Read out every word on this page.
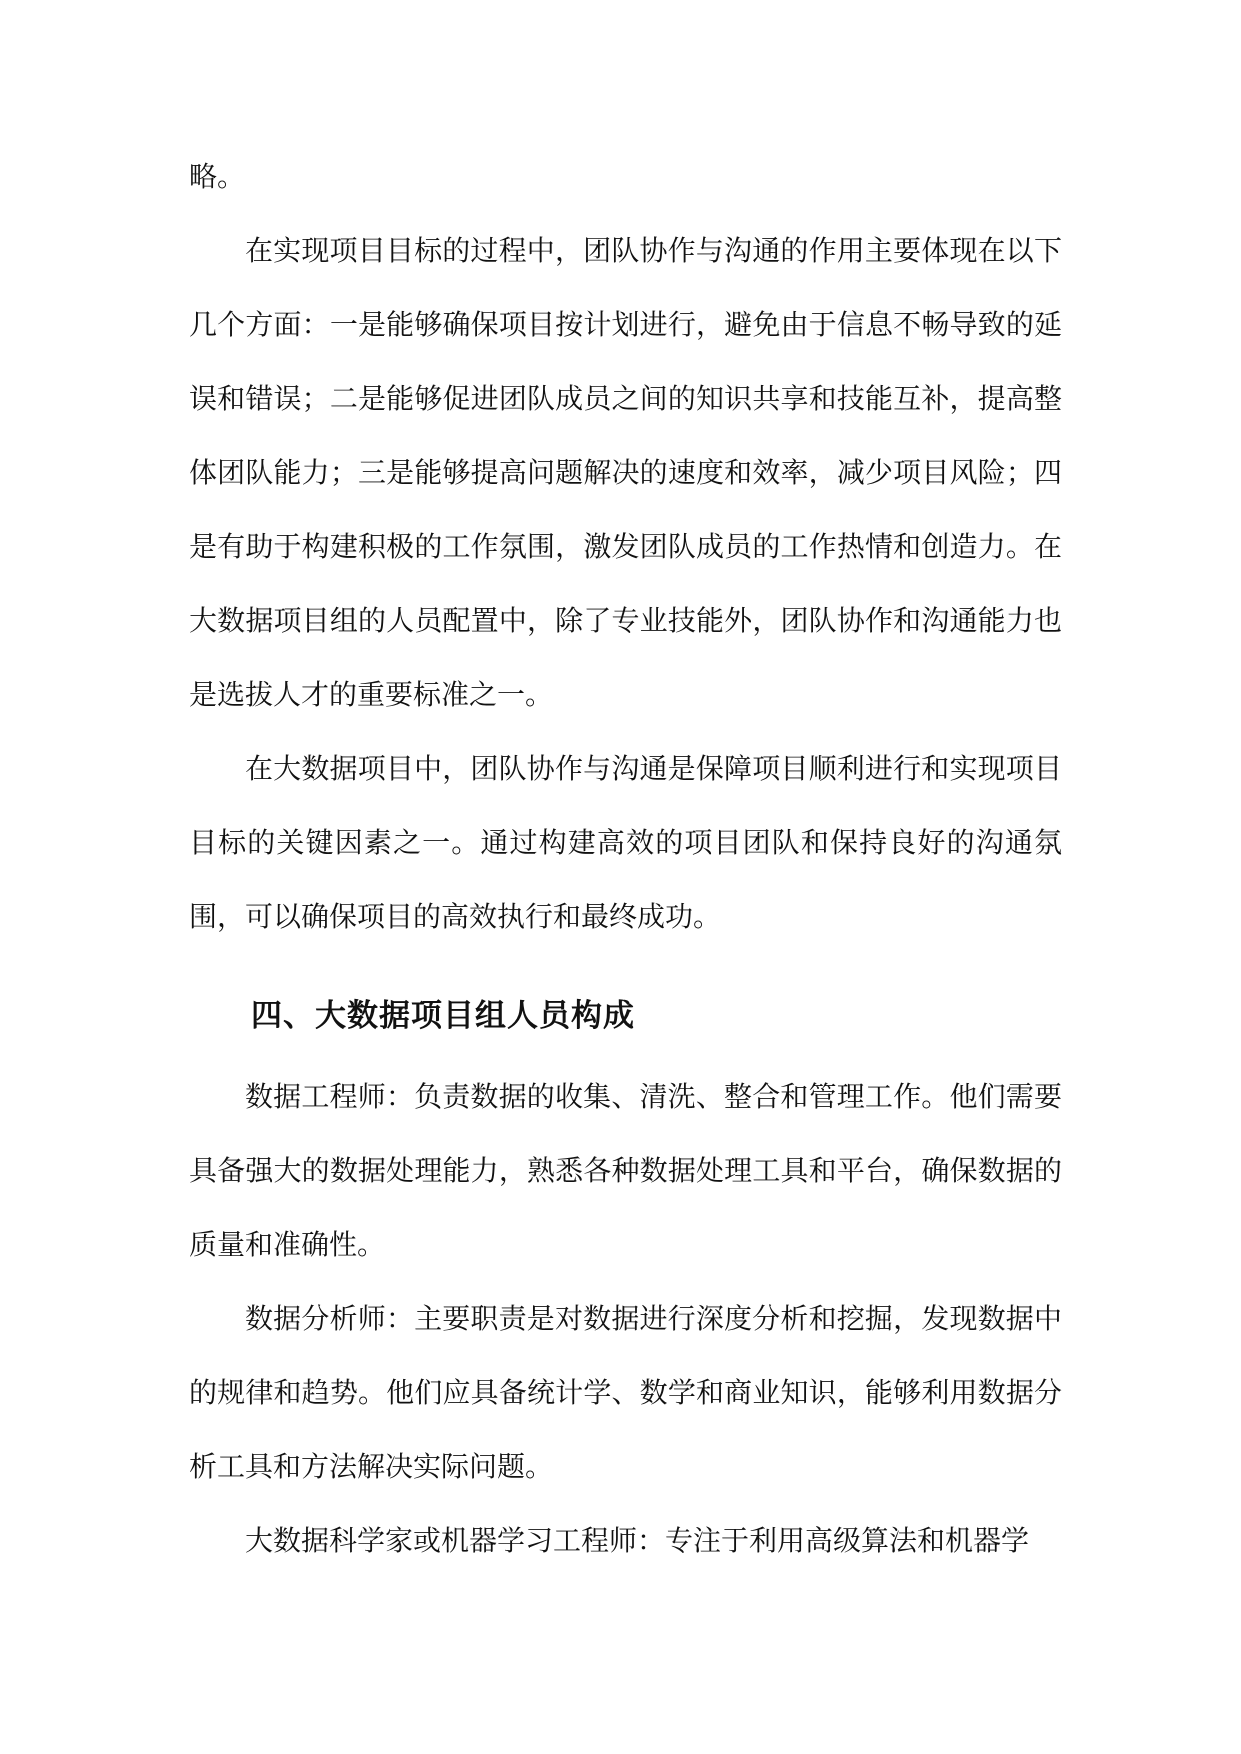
略。

在实现项目目标的过程中，团队协作与沟通的作用主要体现在以下几个方面：一是能够确保项目按计划进行，避免由于信息不畅导致的延误和错误；二是能够促进团队成员之间的知识共享和技能互补，提高整体团队能力；三是能够提高问题解决的速度和效率，减少项目风险；四是有助于构建积极的工作氛围，激发团队成员的工作热情和创造力。在大数据项目组的人员配置中，除了专业技能外，团队协作和沟通能力也是选拔人才的重要标准之一。

在大数据项目中，团队协作与沟通是保障项目顺利进行和实现项目目标的关键因素之一。通过构建高效的项目团队和保持良好的沟通氛围，可以确保项目的高效执行和最终成功。

四、大数据项目组人员构成

数据工程师：负责数据的收集、清洗、整合和管理工作。他们需要具备强大的数据处理能力，熟悉各种数据处理工具和平台，确保数据的质量和准确性。

数据分析师：主要职责是对数据进行深度分析和挖掘，发现数据中的规律和趋势。他们应具备统计学、数学和商业知识，能够利用数据分析工具和方法解决实际问题。

大数据科学家或机器学习工程师：专注于利用高级算法和机器学
